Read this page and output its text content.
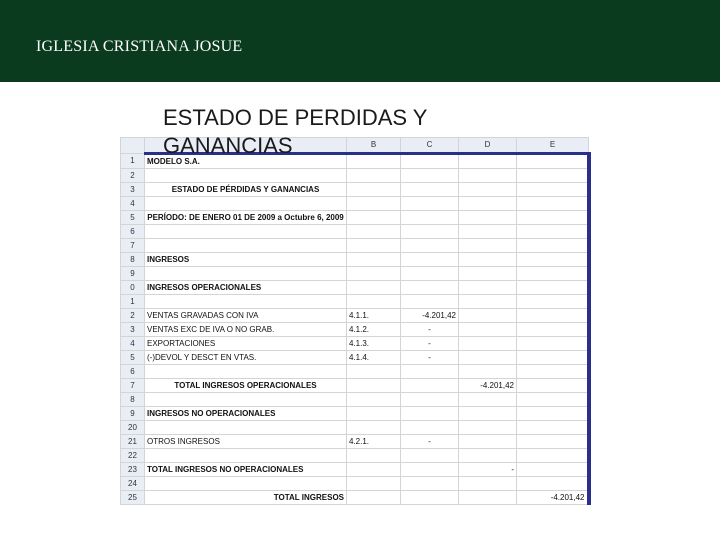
IGLESIA CRISTIANA JOSUE
ESTADO DE PERDIDAS Y GANANCIAS
			B	C	D	E
1	MODELO S.A.				
2					
3	ESTADO DE PÉRDIDAS Y GANANCIAS				
4					
5	PERÍODO: DE ENERO 01 DE 2009 a Octubre 6, 2009				
6					
7					
8	INGRESOS				
9					
0	INGRESOS OPERACIONALES				
1					
2	VENTAS GRAVADAS CON IVA	4.1.1.	-4.201,42		
3	VENTAS EXC DE IVA O NO GRAB.	4.1.2.	-		
4	EXPORTACIONES	4.1.3.	-		
5	(-)DEVOL Y DESCT EN VTAS.	4.1.4.	-		
6					
7	TOTAL INGRESOS OPERACIONALES			-4.201,42	
8					
9	INGRESOS NO OPERACIONALES				
20					
21	OTROS INGRESOS	4.2.1.	-		
22					
23	TOTAL INGRESOS NO OPERACIONALES			-	
24					
25	TOTAL INGRESOS				-4.201,42
